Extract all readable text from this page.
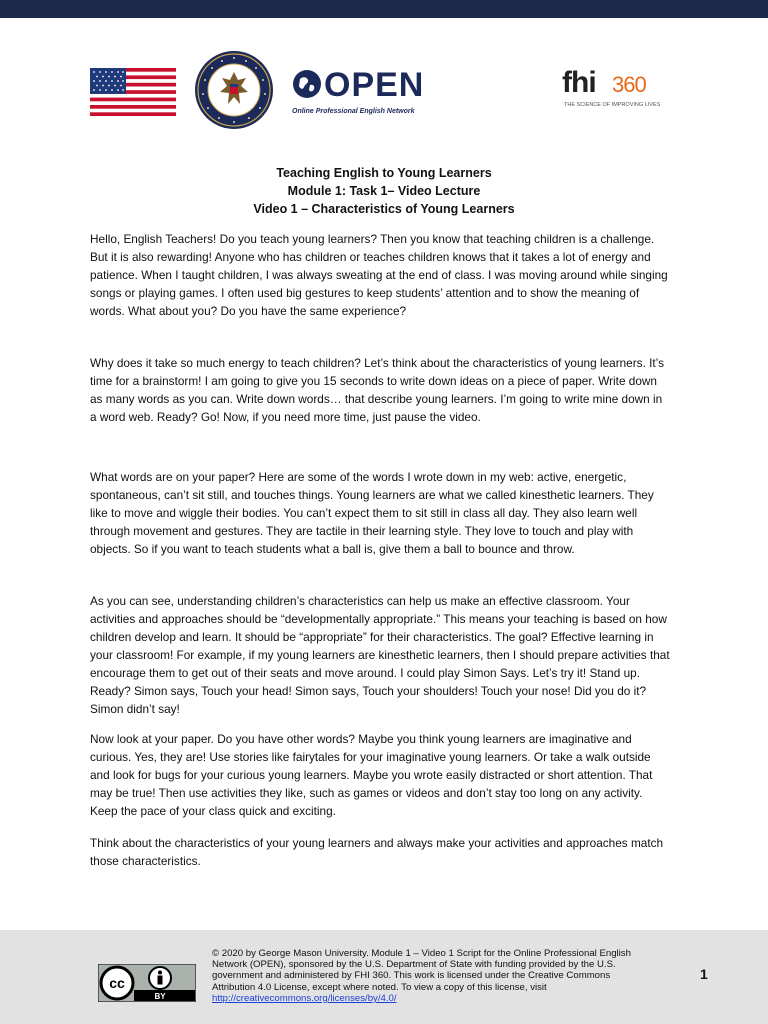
OPEN
Online Professional English Network
fhi 360
THE SCIENCE OF IMPROVING LIVES
Teaching English to Young Learners
Module 1: Task 1– Video Lecture
Video 1 – Characteristics of Young Learners

Hello, English Teachers! Do you teach young learners? Then you know that teaching children is a challenge. But it is also rewarding! Anyone who has children or teaches children knows that it takes a lot of energy and patience. When I taught children, I was always sweating at the end of class. I was moving around while singing songs or playing games. I often used big gestures to keep students’ attention and to show the meaning of words. What about you? Do you have the same experience?

Why does it take so much energy to teach children? Let’s think about the characteristics of young learners. It’s time for a brainstorm! I am going to give you 15 seconds to write down ideas on a piece of paper. Write down as many words as you can. Write down words… that describe young learners. I’m going to write mine down in a word web. Ready? Go! Now, if you need more time, just pause the video.

What words are on your paper? Here are some of the words I wrote down in my web: active, energetic, spontaneous, can’t sit still, and touches things. Young learners are what we called kinesthetic learners. They like to move and wiggle their bodies. You can’t expect them to sit still in class all day. They also learn well through movement and gestures. They are tactile in their learning style. They love to touch and play with objects. So if you want to teach students what a ball is, give them a ball to bounce and throw.

As you can see, understanding children’s characteristics can help us make an effective classroom. Your activities and approaches should be “developmentally appropriate.” This means your teaching is based on how children develop and learn. It should be “appropriate” for their characteristics. The goal? Effective learning in your classroom! For example, if my young learners are kinesthetic learners, then I should prepare activities that encourage them to get out of their seats and move around. I could play Simon Says. Let’s try it! Stand up. Ready? Simon says, Touch your head! Simon says, Touch your shoulders! Touch your nose! Did you do it? Simon didn’t say!

Now look at your paper. Do you have other words? Maybe you think young learners are imaginative and curious. Yes, they are! Use stories like fairytales for your imaginative young learners. Or take a walk outside and look for bugs for your curious young learners. Maybe you wrote easily distracted or short attention. That may be true! Then use activities they like, such as games or videos and don’t stay too long on any activity. Keep the pace of your class quick and exciting.

Think about the characteristics of your young learners and always make your activities and approaches match those characteristics.

cc
BY
© 2020 by George Mason University. Module 1 – Video 1 Script for the Online Professional English Network (OPEN), sponsored by the U.S. Department of State with funding provided by the U.S. government and administered by FHI 360. This work is licensed under the Creative Commons Attribution 4.0 License, except where noted. To view a copy of this license, visit
http://creativecommons.org/licenses/by/4.0/
1
